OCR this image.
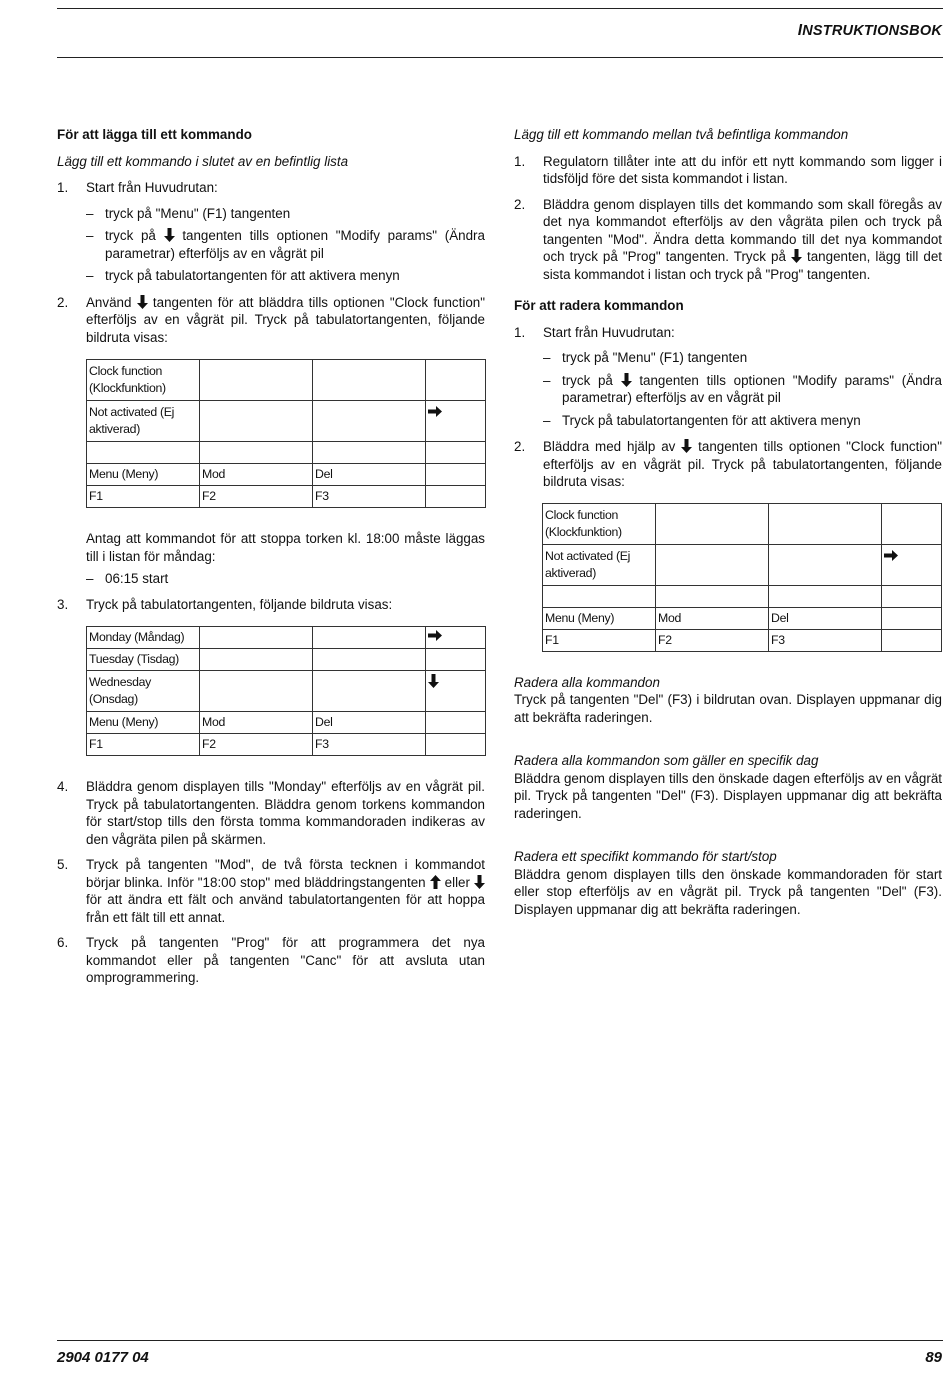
INSTRUKTIONSBOK
För att lägga till ett kommando
Lägg till ett kommando i slutet av en befintlig lista
1. Start från Huvudrutan:
– tryck på "Menu" (F1) tangenten
– tryck på tangenten tills optionen "Modify params" (Ändra parametrar) efterföljs av en vågrät pil
– tryck på tabulatortangenten för att aktivera menyn
2. Använd tangenten för att bläddra tills optionen "Clock function" efterföljs av en vågrät pil. Tryck på tabulatortangenten, följande bildruta visas:
Clock function (Klockfunktion)			
Not activated (Ej aktiverad)			

Menu (Meny)	Mod	Del	
F1	F2	F3	
Antag att kommandot för att stoppa torken kl. 18:00 måste läggas till i listan för måndag:
– 06:15 start
3. Tryck på tabulatortangenten, följande bildruta visas:
Monday (Måndag)			
Tuesday (Tisdag)			
Wednesday (Onsdag)			
Menu (Meny)	Mod	Del	
F1	F2	F3	
4. Bläddra genom displayen tills "Monday" efterföljs av en vågrät pil. Tryck på tabulatortangenten. Bläddra genom torkens kommandon för start/stop tills den första tomma kommandoraden indikeras av den vågräta pilen på skärmen.
5. Tryck på tangenten "Mod", de två första tecknen i kommandot börjar blinka. Inför "18:00 stop" med bläddringstangenten eller
för att ändra ett fält och använd tabulatortangenten för att hoppa från ett fält till ett annat.
6. Tryck på tangenten "Prog" för att programmera det nya kommandot eller på tangenten "Canc" för att avsluta utan omprogrammering.
Lägg till ett kommando mellan två befintliga kommandon
1. Regulatorn tillåter inte att du inför ett nytt kommando som ligger i tidsföljd före det sista kommandot i listan.
2. Bläddra genom displayen tills det kommando som skall föregås av det nya kommandot efterföljs av den vågräta pilen och tryck på tangenten "Mod". Ändra detta kommando till det nya kommandot och tryck på "Prog" tangenten. Tryck på tangenten, lägg till det sista kommandot i listan och tryck på "Prog" tangenten.
För att radera kommandon
1. Start från Huvudrutan:
– tryck på "Menu" (F1) tangenten
– tryck på tangenten tills optionen "Modify params" (Ändra parametrar) efterföljs av en vågrät pil
– Tryck på tabulatortangenten för att aktivera menyn
2. Bläddra med hjälp av tangenten tills optionen "Clock function" efterföljs av en vågrät pil. Tryck på tabulatortangenten, följande bildruta visas:
Clock function (Klockfunktion)			
Not activated (Ej aktiverad)			

Menu (Meny)	Mod	Del	
F1	F2	F3	
Radera alla kommandon
Tryck på tangenten "Del" (F3) i bildrutan ovan. Displayen uppmanar dig att bekräfta raderingen.
Radera alla kommandon som gäller en specifik dag
Bläddra genom displayen tills den önskade dagen efterföljs av en vågrät pil. Tryck på tangenten "Del" (F3). Displayen uppmanar dig att bekräfta raderingen.
Radera ett specifikt kommando för start/stop
Bläddra genom displayen tills den önskade kommandoraden för start eller stop efterföljs av en vågrät pil. Tryck på tangenten "Del" (F3). Displayen uppmanar dig att bekräfta raderingen.
2904 0177 04	89
